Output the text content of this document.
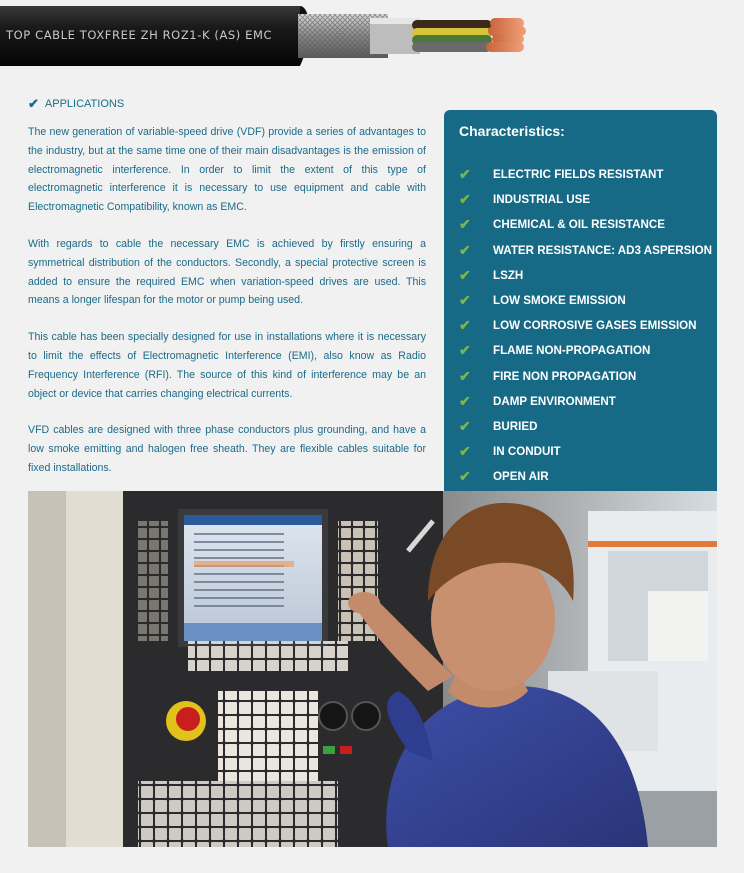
TOP CABLE TOXFREE ZH ROZ1-K (AS) EMC
✔ APPLICATIONS

The new generation of variable-speed drive (VDF) provide a series of advantages to the industry, but at the same time one of their main disadvantages is the emission of electromagnetic interference. In order to limit the extent of this type of electromagnetic interference it is necessary to use equipment and cable with Electromagnetic Compatibility, known as EMC.

With regards to cable the necessary EMC is achieved by firstly ensuring a symmetrical distribution of the conductors. Secondly, a special protective screen is added to ensure the required EMC when variation-speed drives are used. This means a longer lifespan for the motor or pump being used.

This cable has been specially designed for use in installations where it is necessary to limit the effects of Electromagnetic Interference (EMI), also know as Radio Frequency Interference (RFI). The source of this kind of interference may be an object or device that carries changing electrical currents.

VFD cables are designed with three phase conductors plus grounding, and have a low smoke emitting and halogen free sheath. They are flexible cables suitable for fixed installations.

Characteristics:
✔	ELECTRIC FIELDS RESISTANT
✔	INDUSTRIAL USE
✔	CHEMICAL & OIL RESISTANCE
✔	WATER RESISTANCE: AD3 ASPERSION
✔	LSZH
✔	LOW SMOKE EMISSION
✔	LOW CORROSIVE GASES EMISSION
✔	FLAME NON-PROPAGATION
✔	FIRE NON PROPAGATION
✔	DAMP ENVIRONMENT
✔	BURIED
✔	IN CONDUIT
✔	OPEN AIR
